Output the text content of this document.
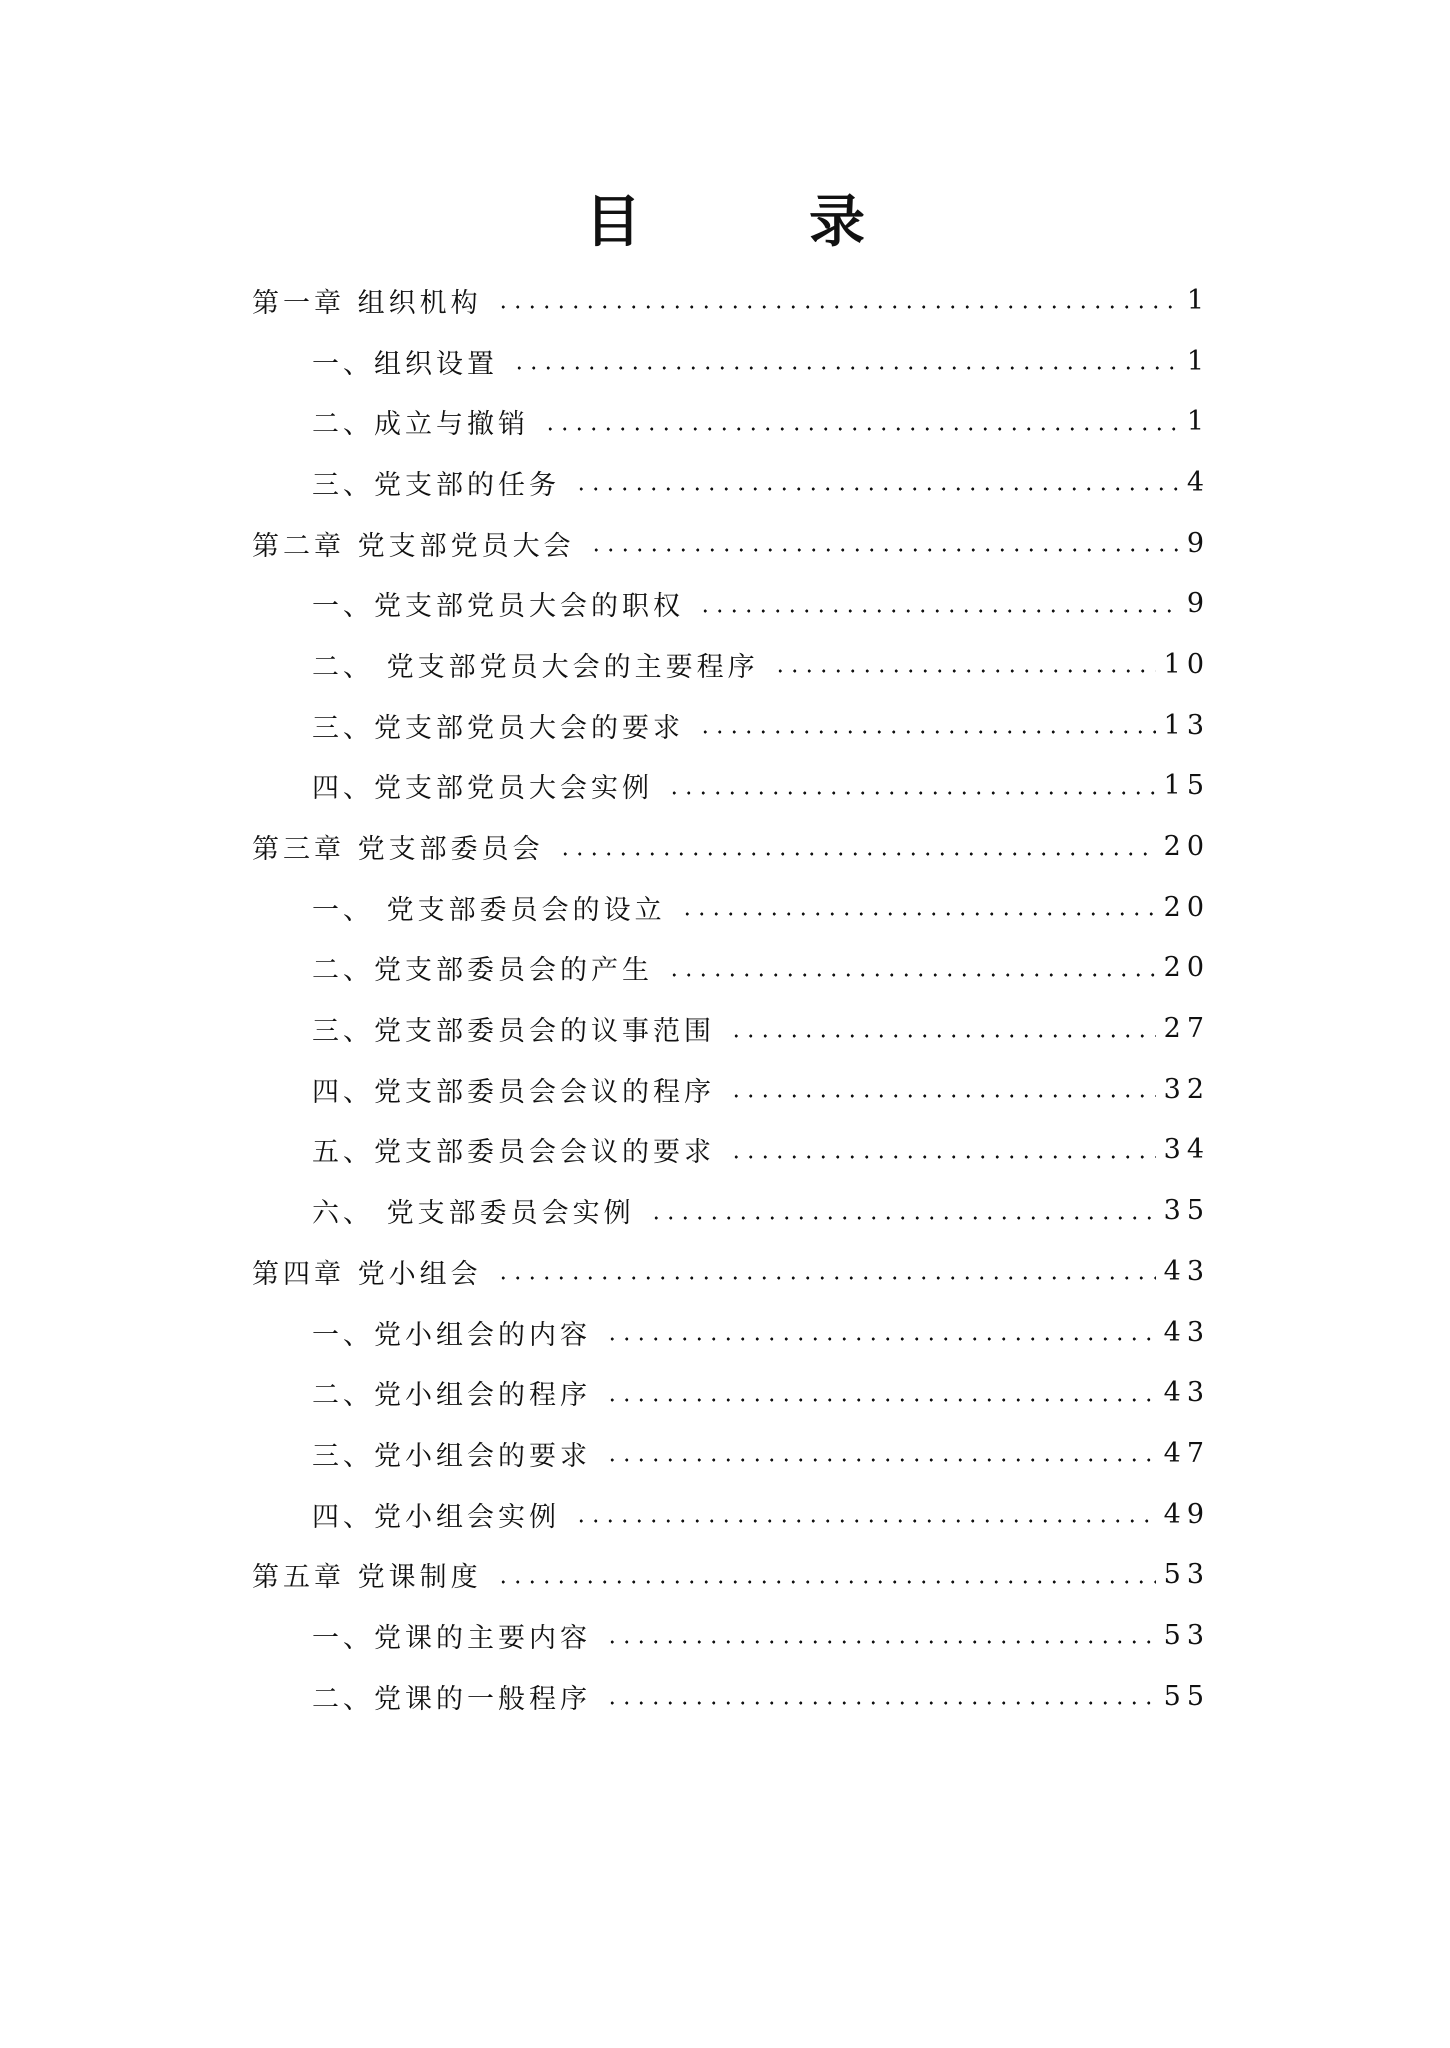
目　录
第一章 组织机构	1
一、组织设置	1
二、成立与撤销	1
三、党支部的任务	4
第二章 党支部党员大会	9
一、党支部党员大会的职权	9
二、 党支部党员大会的主要程序	10
三、党支部党员大会的要求	13
四、党支部党员大会实例	15
第三章 党支部委员会	20
一、 党支部委员会的设立	20
二、党支部委员会的产生	20
三、党支部委员会的议事范围	27
四、党支部委员会会议的程序	32
五、党支部委员会会议的要求	34
六、 党支部委员会实例	35
第四章 党小组会	43
一、党小组会的内容	43
二、党小组会的程序	43
三、党小组会的要求	47
四、党小组会实例	49
第五章 党课制度	53
一、党课的主要内容	53
二、党课的一般程序	55
